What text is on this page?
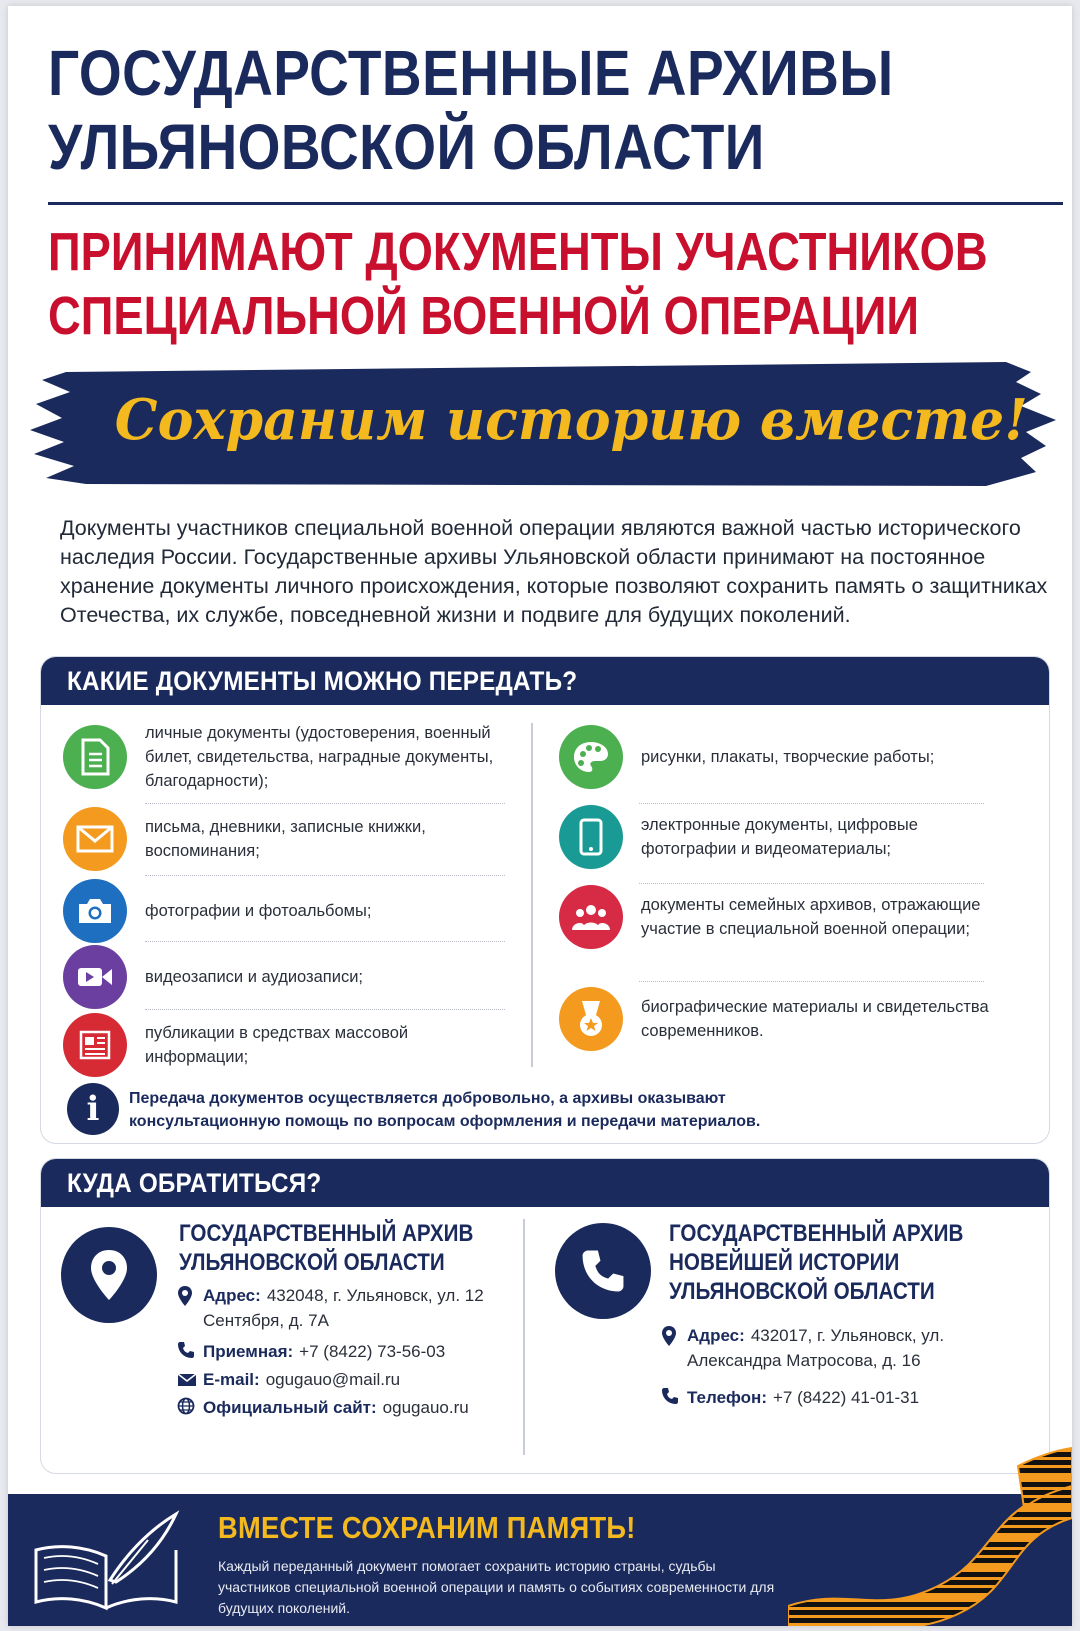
ГОСУДАРСТВЕННЫЕ АРХИВЫ
УЛЬЯНОВСКОЙ ОБЛАСТИ
ПРИНИМАЮТ ДОКУМЕНТЫ УЧАСТНИКОВ
СПЕЦИАЛЬНОЙ ВОЕННОЙ ОПЕРАЦИИ
Сохраним историю вместе!
Документы участников специальной военной операции являются важной частью исторического наследия России. Государственные архивы Ульяновской области принимают на постоянное хранение документы личного происхождения, которые позволяют сохранить память о защитниках Отечества, их службе, повседневной жизни и подвиге для будущих поколений.
КАКИЕ ДОКУМЕНТЫ МОЖНО ПЕРЕДАТЬ?
личные документы (удостоверения, военный билет, свидетельства, наградные документы, благодарности);
письма, дневники, записные книжки, воспоминания;
фотографии и фотоальбомы;
видеозаписи и аудиозаписи;
публикации в средствах массовой информации;
рисунки, плакаты, творческие работы;
электронные документы, цифровые фотографии и видеоматериалы;
документы семейных архивов, отражающие участие в специальной военной операции;
биографические материалы и свидетельства современников.
i	Передача документов осуществляется добровольно, а архивы оказывают консультационную помощь по вопросам оформления и передачи материалов.
КУДА ОБРАТИТЬСЯ?
ГОСУДАРСТВЕННЫЙ АРХИВ
УЛЬЯНОВСКОЙ ОБЛАСТИ
Адрес: 432048, г. Ульяновск, ул. 12 Сентября, д. 7А
Приемная: +7 (8422) 73-56-03
E-mail: ogugauo@mail.ru
Официальный сайт: ogugauo.ru
ГОСУДАРСТВЕННЫЙ АРХИВ
НОВЕЙШЕЙ ИСТОРИИ
УЛЬЯНОВСКОЙ ОБЛАСТИ
Адрес: 432017, г. Ульяновск, ул. Александра Матросова, д. 16
Телефон: +7 (8422) 41-01-31
ВМЕСТЕ СОХРАНИМ ПАМЯТЬ!
Каждый переданный документ помогает сохранить историю страны, судьбы участников специальной военной операции и память о событиях современности для будущих поколений.
